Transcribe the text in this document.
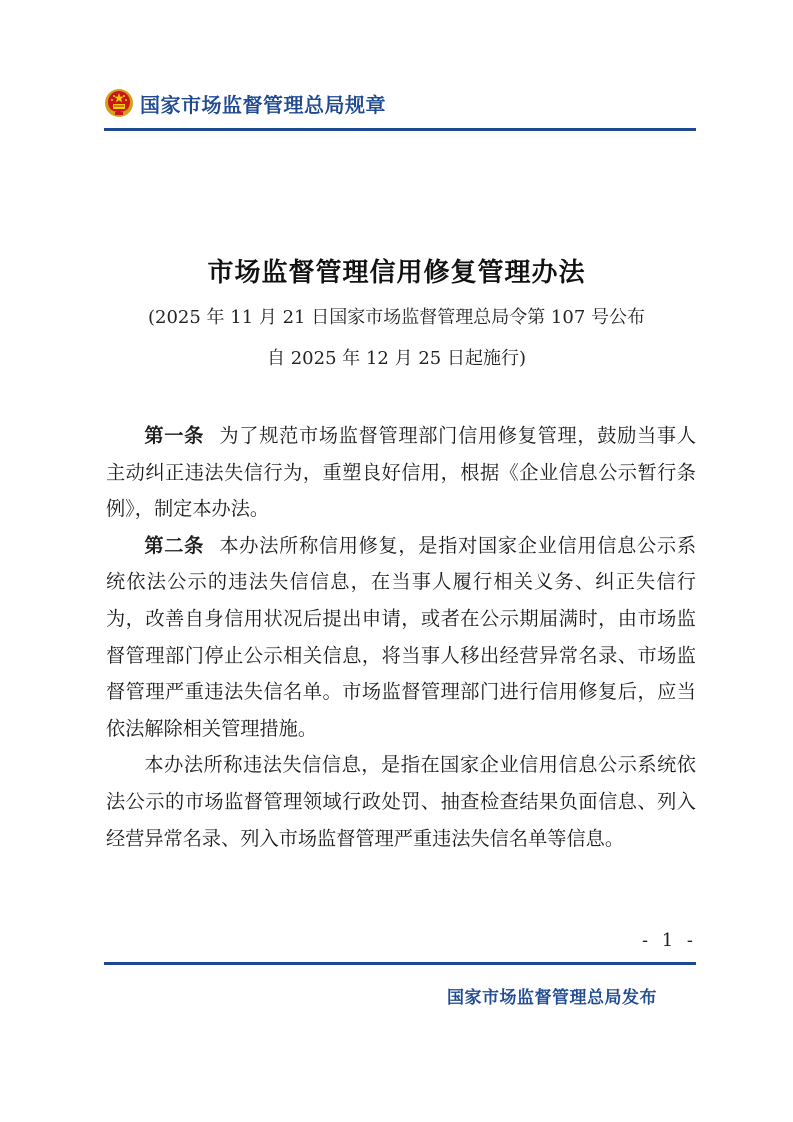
国家市场监督管理总局规章
市场监督管理信用修复管理办法
(2025 年 11 月 21 日国家市场监督管理总局令第 107 号公布
自 2025 年 12 月 25 日起施行)

第一条 为了规范市场监督管理部门信用修复管理，鼓励当事人主动纠正违法失信行为，重塑良好信用，根据《企业信息公示暂行条例》，制定本办法。

第二条 本办法所称信用修复，是指对国家企业信用信息公示系统依法公示的违法失信信息，在当事人履行相关义务、纠正失信行为，改善自身信用状况后提出申请，或者在公示期届满时，由市场监督管理部门停止公示相关信息，将当事人移出经营异常名录、市场监督管理严重违法失信名单。市场监督管理部门进行信用修复后，应当依法解除相关管理措施。

本办法所称违法失信信息，是指在国家企业信用信息公示系统依法公示的市场监督管理领域行政处罚、抽查检查结果负面信息、列入经营异常名录、列入市场监督管理严重违法失信名单等信息。

- 1 -
国家市场监督管理总局发布
